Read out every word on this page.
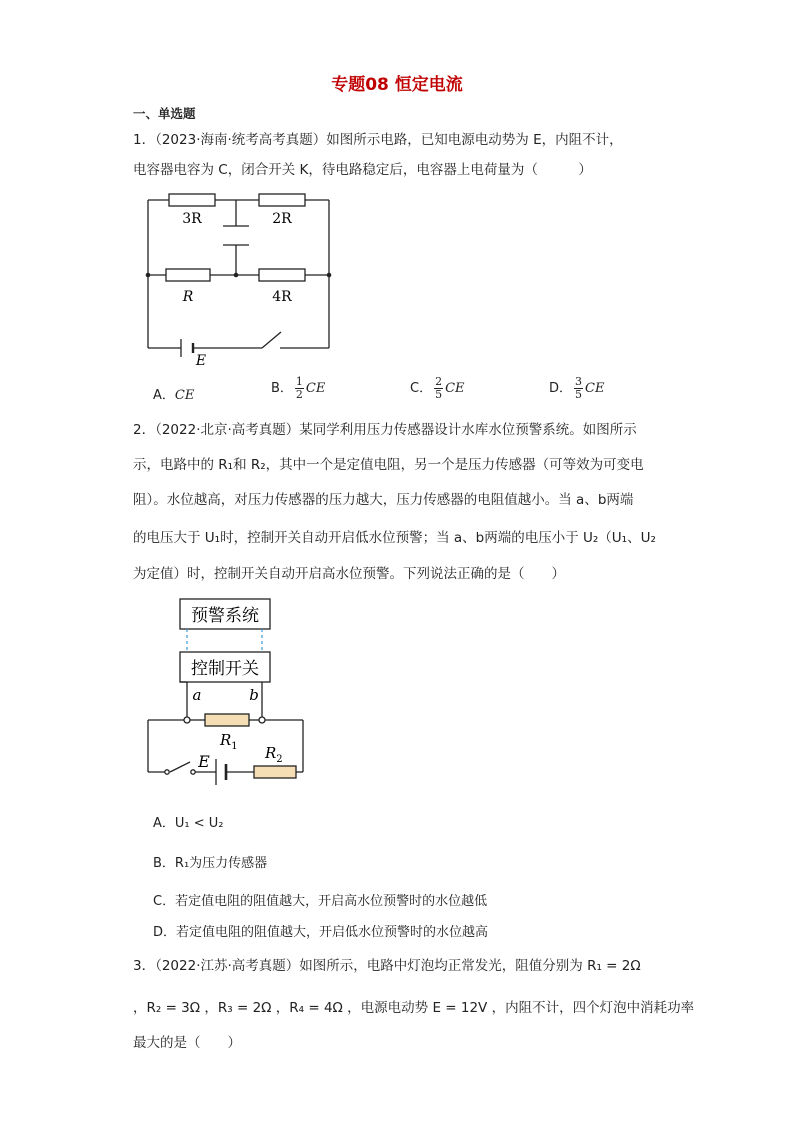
专题08 恒定电流
一、单选题
1．（2023·海南·统考高考真题）如图所示电路，已知电源电动势为 E，内阻不计，
电容器电容为 C，闭合开关 K，待电路稳定后，电容器上电荷量为（　　　）
3R	2R
R	4R
E
A．CE	B． $\frac{1}{2}$ CE	C． $\frac{2}{5}$ CE	D． $\frac{3}{5}$ CE
2．（2022·北京·高考真题）某同学利用压力传感器设计水库水位预警系统。如图所示
示，电路中的 R₁和 R₂，其中一个是定值电阻，另一个是压力传感器（可等效为可变电
阻）。水位越高，对压力传感器的压力越大，压力传感器的电阻值越小。当 a、b两端
的电压大于 U₁时，控制开关自动开启低水位预警；当 a、b两端的电压小于 U₂（U₁、U₂
为定值）时，控制开关自动开启高水位预警。下列说法正确的是（　　）
预警系统
控制开关
a	b
$R_1$ $R_2$
E
A．U₁ < U₂
B．R₁为压力传感器
C．若定值电阻的阻值越大，开启高水位预警时的水位越低
D．若定值电阻的阻值越大，开启低水位预警时的水位越高
3．（2022·江苏·高考真题）如图所示，电路中灯泡均正常发光，阻值分别为 R₁ = 2Ω
，R₂ = 3Ω ，R₃ = 2Ω ，R₄ = 4Ω ，电源电动势 E = 12V ，内阻不计，四个灯泡中消耗功率
最大的是（　　）
